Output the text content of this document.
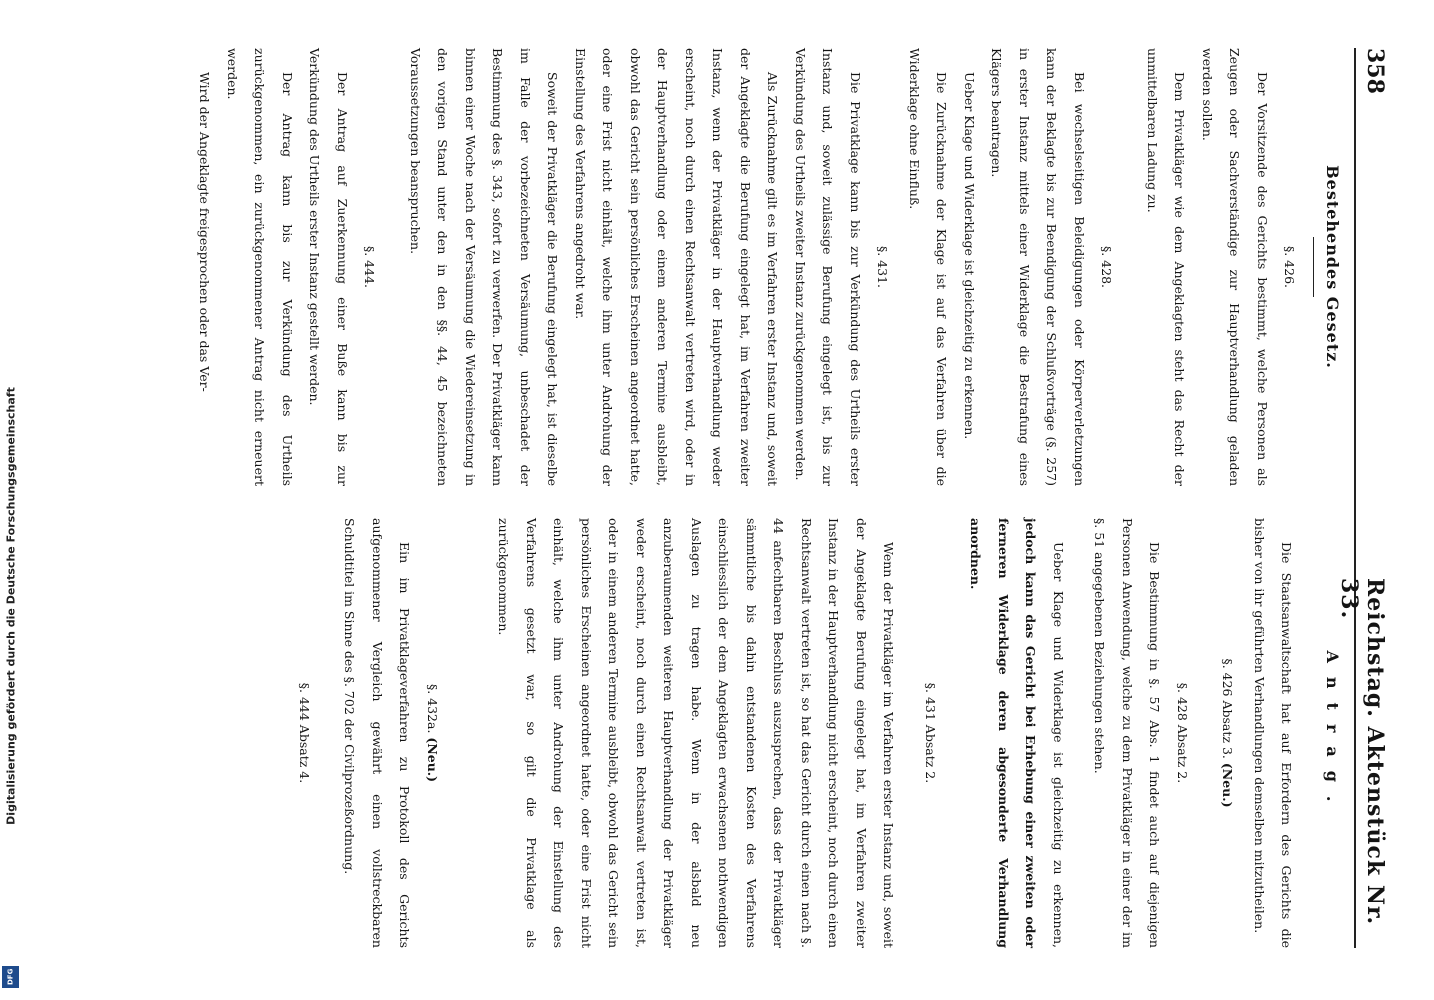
Digitalisierung gefördert durch die Deutsche Forschungsgemeinschaft
DFG
358
Reichstag. Aktenstück Nr. 33.
Bestehendes Gesetz.
§. 426.

Der Vorsitzende des Gerichts bestimmt, welche Personen als Zeugen oder Sachverständige zur Hauptverhandlung geladen werden sollen.

Dem Privatkläger wie dem Angeklagten steht das Recht der unmittelbaren Ladung zu.

§. 428.

Bei wechselseitigen Beleidigungen oder Körperverletzungen kann der Beklagte bis zur Beendigung der Schlußvorträge (§. 257) in erster Instanz mittels einer Widerklage die Bestrafung eines Klägers beantragen.

Ueber Klage und Widerklage ist gleichzeitig zu erkennen.

Die Zurücknahme der Klage ist auf das Verfahren über die Widerklage ohne Einfluß.

§. 431.

Die Privatklage kann bis zur Verkündung des Urtheils erster Instanz und, soweit zulässige Berufung eingelegt ist, bis zur Verkündung des Urtheils zweiter Instanz zurückgenommen werden.

Als Zurücknahme gilt es im Verfahren erster Instanz und, soweit der Angeklagte die Berufung eingelegt hat, im Verfahren zweiter Instanz, wenn der Privatkläger in der Hauptverhandlung weder erscheint, noch durch einen Rechtsanwalt vertreten wird, oder in der Hauptverhandlung oder einem anderen Termine ausbleibt, obwohl das Gericht sein persönliches Erscheinen angeordnet hatte, oder eine Frist nicht einhält, welche ihm unter Androhung der Einstellung des Verfahrens angedroht war.

Soweit der Privatkläger die Berufung eingelegt hat, ist dieselbe im Falle der vorbezeichneten Versäumung, unbeschadet der Bestimmung des §. 343, sofort zu verwerfen. Der Privatkläger kann binnen einer Woche nach der Versäumung die Wiedereinsetzung in den vorigen Stand unter den in den §§. 44, 45 bezeichneten Voraussetzungen beanspruchen.

§. 444.

Der Antrag auf Zuerkennung einer Buße kann bis zur Verkündung des Urtheils erster Instanz gestellt werden.

Der Antrag kann bis zur Verkündung des Urtheils zurückgenommen, ein zurückgenommener Antrag nicht erneuert werden.

Wird der Angeklagte freigesprochen oder das Ver-

Antrag.

Die Staatsanwaltschaft hat auf Erfordern des Gerichts die bisher von ihr geführten Verhandlungen demselben mitzutheilen.

§. 426 Absatz 3. (Neu.)
§. 428 Absatz 2.

Die Bestimmung in §. 57 Abs. 1 findet auch auf diejenigen Personen Anwendung, welche zu dem Privatkläger in einer der im §. 51 angegebenen Beziehungen stehen.

Ueber Klage und Widerklage ist gleichzeitig zu erkennen, jedoch kann das Gericht bei Erhebung einer zweiten oder ferneren Widerklage deren abgesonderte Verhandlung anordnen.

§. 431 Absatz 2.

Wenn der Privatkläger im Verfahren erster Instanz und, soweit der Angeklagte Berufung eingelegt hat, im Verfahren zweiter Instanz in der Hauptverhandlung nicht erscheint, noch durch einen Rechtsanwalt vertreten ist, so hat das Gericht durch einen nach §. 44 anfechtbaren Beschluss auszusprechen, dass der Privatkläger sämmtliche bis dahin entstandenen Kosten des Verfahrens einschliesslich der dem Angeklagten erwachsenen nothwendigen Auslagen zu tragen habe. Wenn in der alsbald neu anzuberaumenden weiteren Hauptverhandlung der Privatkläger weder erscheint, noch durch einen Rechtsanwalt vertreten ist, oder in einem anderen Termine ausbleibt, obwohl das Gericht sein persönliches Erscheinen angeordnet hatte, oder eine Frist nicht einhält, welche ihm unter Androhung der Einstellung des Verfahrens gesetzt war, so gilt die Privatklage als zurückgenommen.

§. 432a. (Neu.)

Ein im Privatklageverfahren zu Protokoll des Gerichts aufgenommener Vergleich gewährt einen vollstreckbaren Schuldtitel im Sinne des §. 702 der Civilprozeßordnung.

§. 444 Absatz 4.
